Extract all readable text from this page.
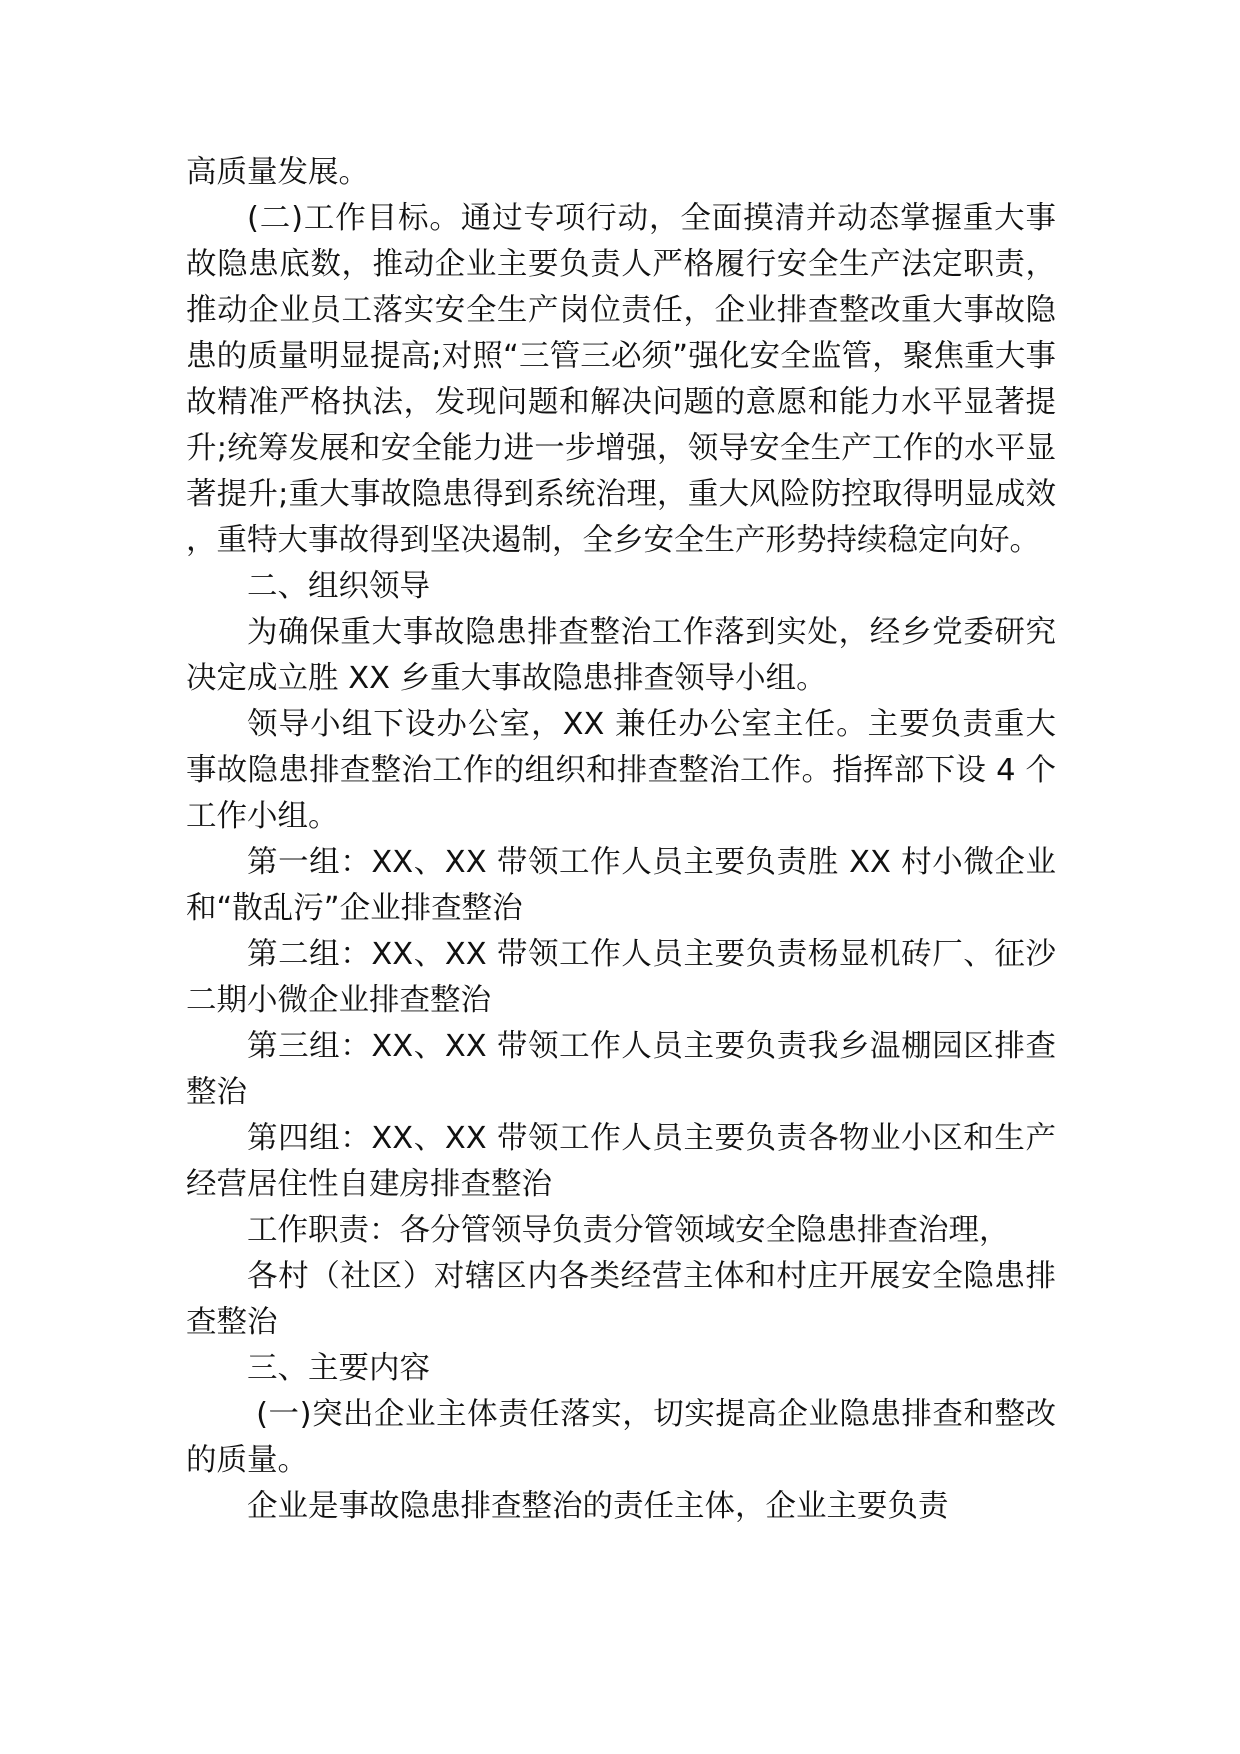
高质量发展。

(二)工作目标。通过专项行动，全面摸清并动态掌握重大事故隐患底数，推动企业主要负责人严格履行安全生产法定职责，推动企业员工落实安全生产岗位责任，企业排查整改重大事故隐患的质量明显提高;对照“三管三必须”强化安全监管，聚焦重大事故精准严格执法，发现问题和解决问题的意愿和能力水平显著提升;统筹发展和安全能力进一步增强，领导安全生产工作的水平显著提升;重大事故隐患得到系统治理，重大风险防控取得明显成效，重特大事故得到坚决遏制，全乡安全生产形势持续稳定向好。

二、组织领导

为确保重大事故隐患排查整治工作落到实处，经乡党委研究决定成立胜 XX 乡重大事故隐患排查领导小组。

领导小组下设办公室，XX 兼任办公室主任。主要负责重大事故隐患排查整治工作的组织和排查整治工作。指挥部下设 4 个工作小组。

第一组：XX、XX 带领工作人员主要负责胜 XX 村小微企业和“散乱污”企业排查整治

第二组：XX、XX 带领工作人员主要负责杨显机砖厂、征沙二期小微企业排查整治

第三组：XX、XX 带领工作人员主要负责我乡温棚园区排查整治

第四组：XX、XX 带领工作人员主要负责各物业小区和生产经营居住性自建房排查整治

工作职责：各分管领导负责分管领域安全隐患排查治理，

各村（社区）对辖区内各类经营主体和村庄开展安全隐患排查整治

三、主要内容

(一)突出企业主体责任落实，切实提高企业隐患排查和整改的质量。

企业是事故隐患排查整治的责任主体，企业主要负责
